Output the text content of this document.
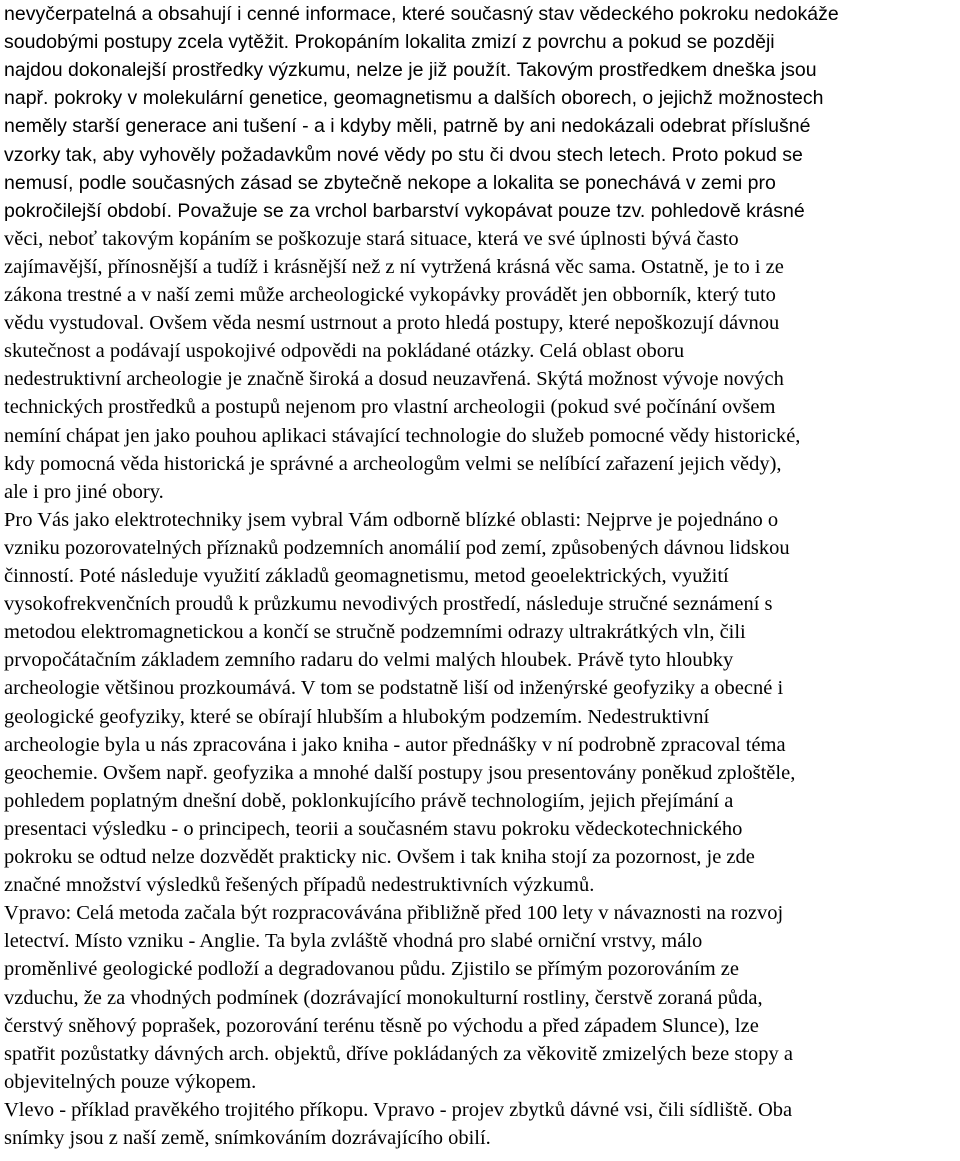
nevyčerpatelná a obsahují i cenné informace, které současný stav vědeckého pokroku nedokáže
soudobými postupy zcela vytěžit. Prokopáním lokalita zmizí z povrchu a pokud se později
najdou dokonalejší prostředky výzkumu, nelze je již použít. Takovým prostředkem dneška jsou
např. pokroky v molekulární genetice, geomagnetismu a dalších oborech, o jejichž možnostech
neměly starší generace ani tušení - a i kdyby měli, patrně by ani nedokázali odebrat příslušné
vzorky tak, aby vyhověly požadavkům nové vědy po stu či dvou stech letech. Proto pokud se
nemusí, podle současných zásad se zbytečně nekope a lokalita se ponechává v zemi pro
pokročilejší období. Považuje se za vrchol barbarství vykopávat pouze tzv. pohledově krásné
věci, neboť takovým kopáním se poškozuje stará situace, která ve své úplnosti bývá často
zajímavější, přínosnější a tudíž i krásnější než z ní vytržená krásná věc sama. Ostatně, je to i ze
zákona trestné a v naší zemi může archeologické vykopávky provádět jen obborník, který tuto
vědu vystudoval. Ovšem věda nesmí ustrnout a proto hledá postupy, které nepoškozují dávnou
skutečnost a podávají uspokojivé odpovědi na pokládané otázky. Celá oblast oboru
nedestruktivní archeologie je značně široká a dosud neuzavřená. Skýtá možnost vývoje nových
technických prostředků a postupů nejenom pro vlastní archeologii (pokud své počínání ovšem
nemíní chápat jen jako pouhou aplikaci stávající technologie do služeb pomocné vědy historické,
kdy pomocná věda historická je správné a archeologům velmi se nelíbící zařazení jejich vědy),
ale i pro jiné obory.
Pro Vás jako elektrotechniky jsem vybral Vám odborně blízké oblasti: Nejprve je pojednáno o
vzniku pozorovatelných příznaků podzemních anomálií pod zemí, způsobených dávnou lidskou
činností. Poté následuje využití základů geomagnetismu, metod geoelektrických, využití
vysokofrekvenčních proudů k průzkumu nevodivých prostředí, následuje stručné seznámení s
metodou elektromagnetickou a končí se stručně podzemními odrazy ultrakrátkých vln, čili
prvopočátačním základem zemního radaru do velmi malých hloubek. Právě tyto hloubky
archeologie většinou prozkoumává. V tom se podstatně liší od inženýrské geofyziky a obecné i
geologické geofyziky, které se obírají hlubším a hlubokým podzemím. Nedestruktivní
archeologie byla u nás zpracována i jako kniha - autor přednášky v ní podrobně zpracoval téma
geochemie. Ovšem např. geofyzika a mnohé další postupy jsou presentovány poněkud zploštěle,
pohledem poplatným dnešní době, poklonkujícího právě technologiím, jejich přejímání a
presentaci výsledku - o principech, teorii a současném stavu pokroku vědeckotechnického
pokroku se odtud nelze dozvědět prakticky nic. Ovšem i tak kniha stojí za pozornost, je zde
značné množství výsledků řešených případů nedestruktivních výzkumů.
Vpravo: Celá metoda začala být rozpracovávána přibližně před 100 lety v návaznosti na rozvoj
letectví. Místo vzniku - Anglie. Ta byla zvláště vhodná pro slabé orniční vrstvy, málo
proměnlivé geologické podloží a degradovanou půdu. Zjistilo se přímým pozorováním ze
vzduchu, že za vhodných podmínek (dozrávající monokulturní rostliny, čerstvě zoraná půda,
čerstvý sněhový poprašek, pozorování terénu těsně po východu a před západem Slunce), lze
spatřit pozůstatky dávných arch. objektů, dříve pokládaných za věkovitě zmizelých beze stopy a
objevitelných pouze výkopem.
Vlevo - příklad pravěkého trojitého příkopu. Vpravo - projev zbytků dávné vsi, čili sídliště. Oba
snímky jsou z naší země, snímkováním dozrávajícího obilí.
